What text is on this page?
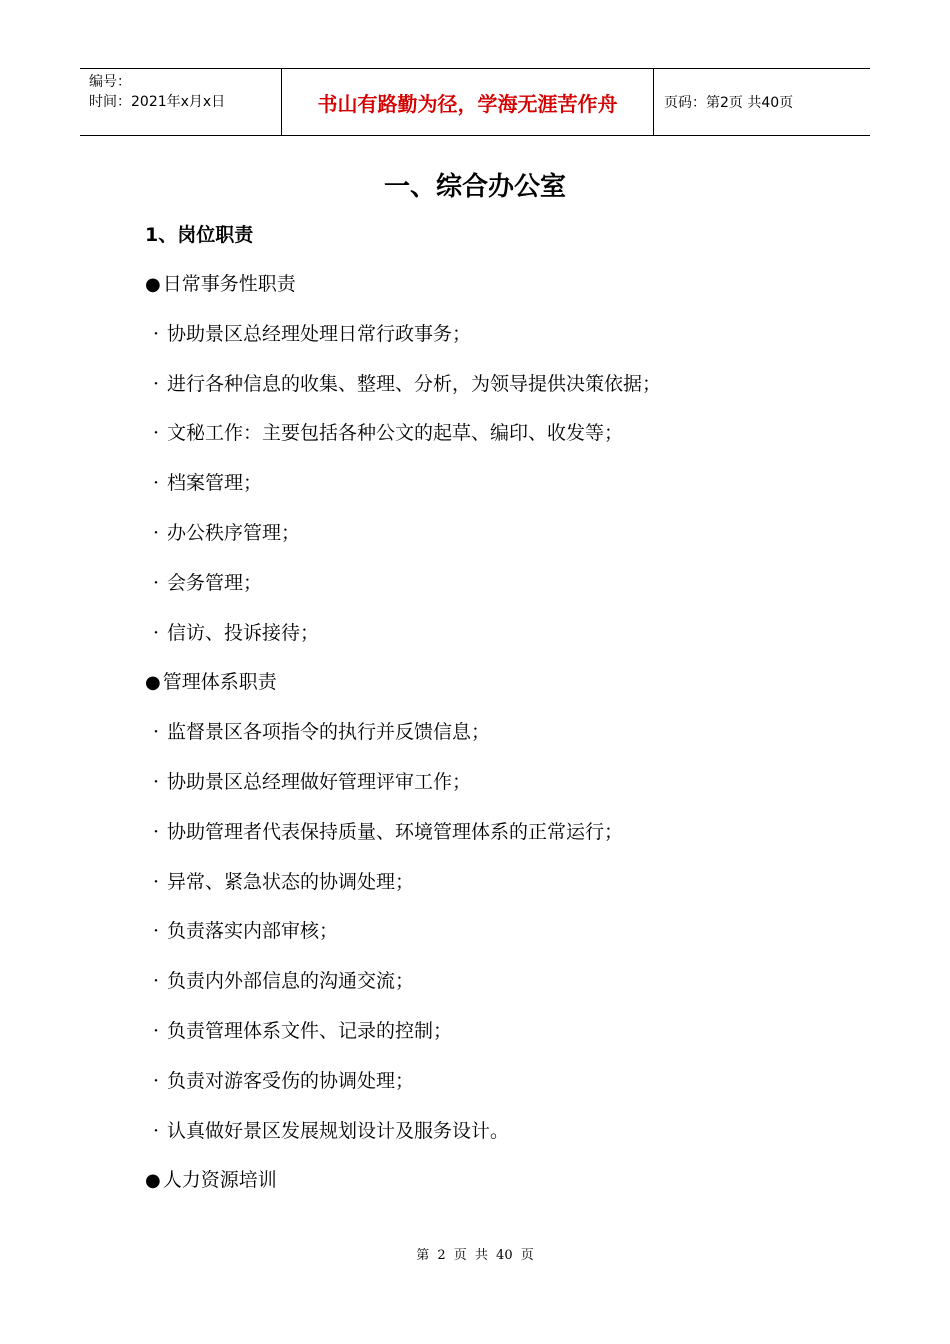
编号：
时间：2021年x月x日	书山有路勤为径，学海无涯苦作舟	页码：第2页 共40页
一、综合办公室
1、岗位职责
● 日常事务性职责
· 协助景区总经理处理日常行政事务；
· 进行各种信息的收集、整理、分析，为领导提供决策依据；
· 文秘工作：主要包括各种公文的起草、编印、收发等；
· 档案管理；
· 办公秩序管理；
· 会务管理；
· 信访、投诉接待；
● 管理体系职责
· 监督景区各项指令的执行并反馈信息；
· 协助景区总经理做好管理评审工作；
· 协助管理者代表保持质量、环境管理体系的正常运行；
· 异常、紧急状态的协调处理；
· 负责落实内部审核；
· 负责内外部信息的沟通交流；
· 负责管理体系文件、记录的控制；
· 负责对游客受伤的协调处理；
· 认真做好景区发展规划设计及服务设计。
● 人力资源培训
第 2 页 共 40 页
